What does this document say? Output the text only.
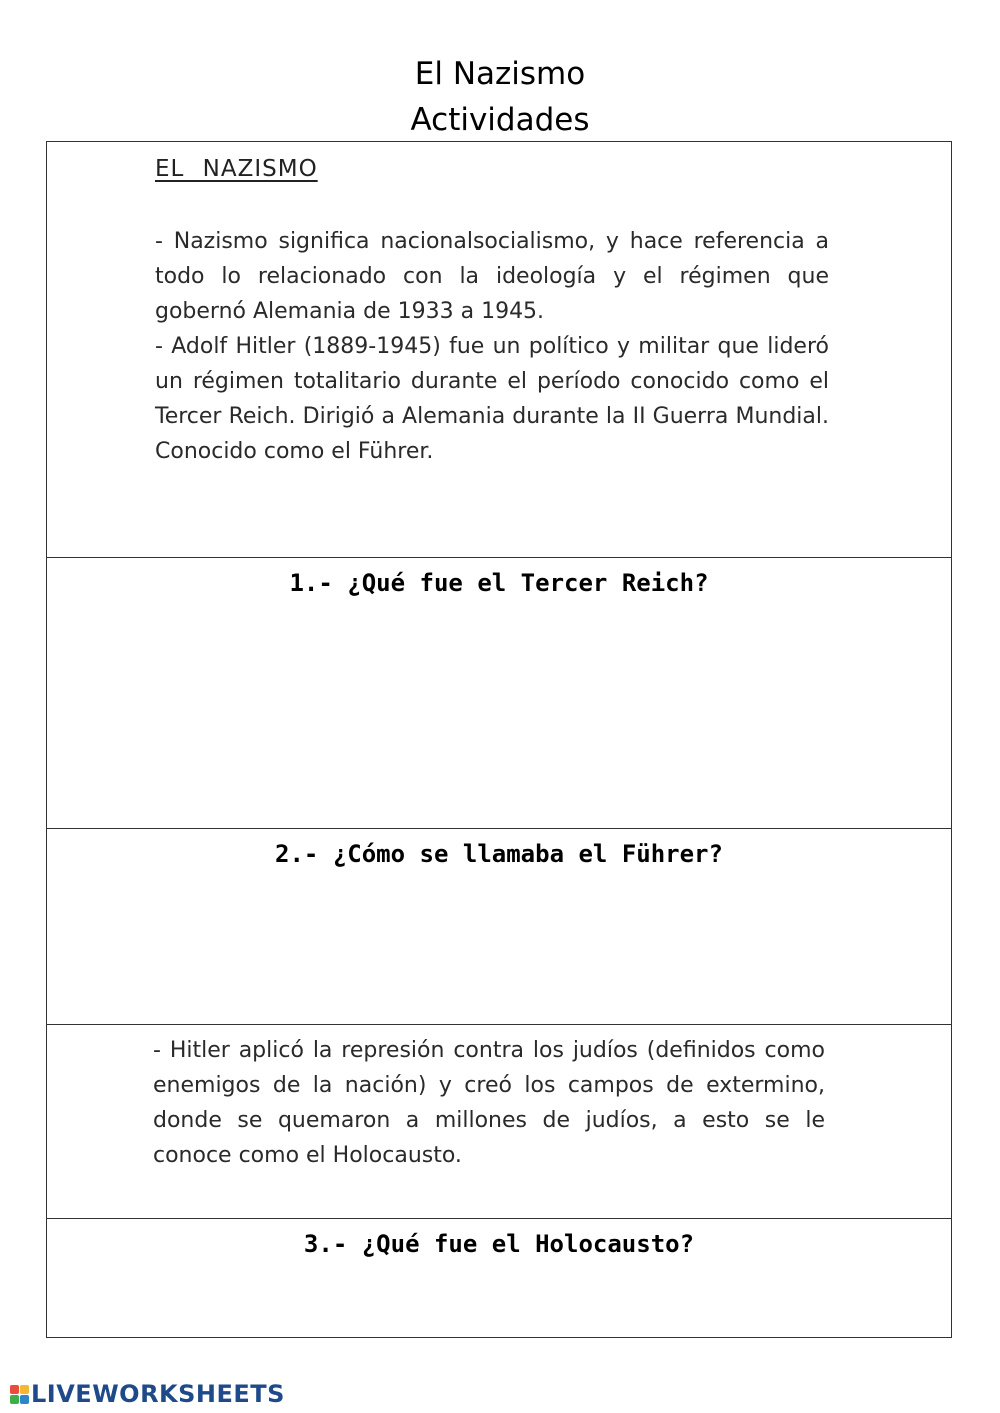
El Nazismo
Actividades
EL NAZISMO

- Nazismo significa nacionalsocialismo, y hace referencia a todo lo relacionado con la ideología y el régimen que gobernó Alemania de 1933 a 1945.

- Adolf Hitler (1889-1945) fue un político y militar que lideró un régimen totalitario durante el período conocido como el Tercer Reich. Dirigió a Alemania durante la II Guerra Mundial. Conocido como el Führer.

1.- ¿Qué fue el Tercer Reich?
2.- ¿Cómo se llamaba el Führer?

- Hitler aplicó la represión contra los judíos (definidos como enemigos de la nación) y creó los campos de extermino, donde se quemaron a millones de judíos, a esto se le conoce como el Holocausto.

3.- ¿Qué fue el Holocausto?
LIVEWORKSHEETS
